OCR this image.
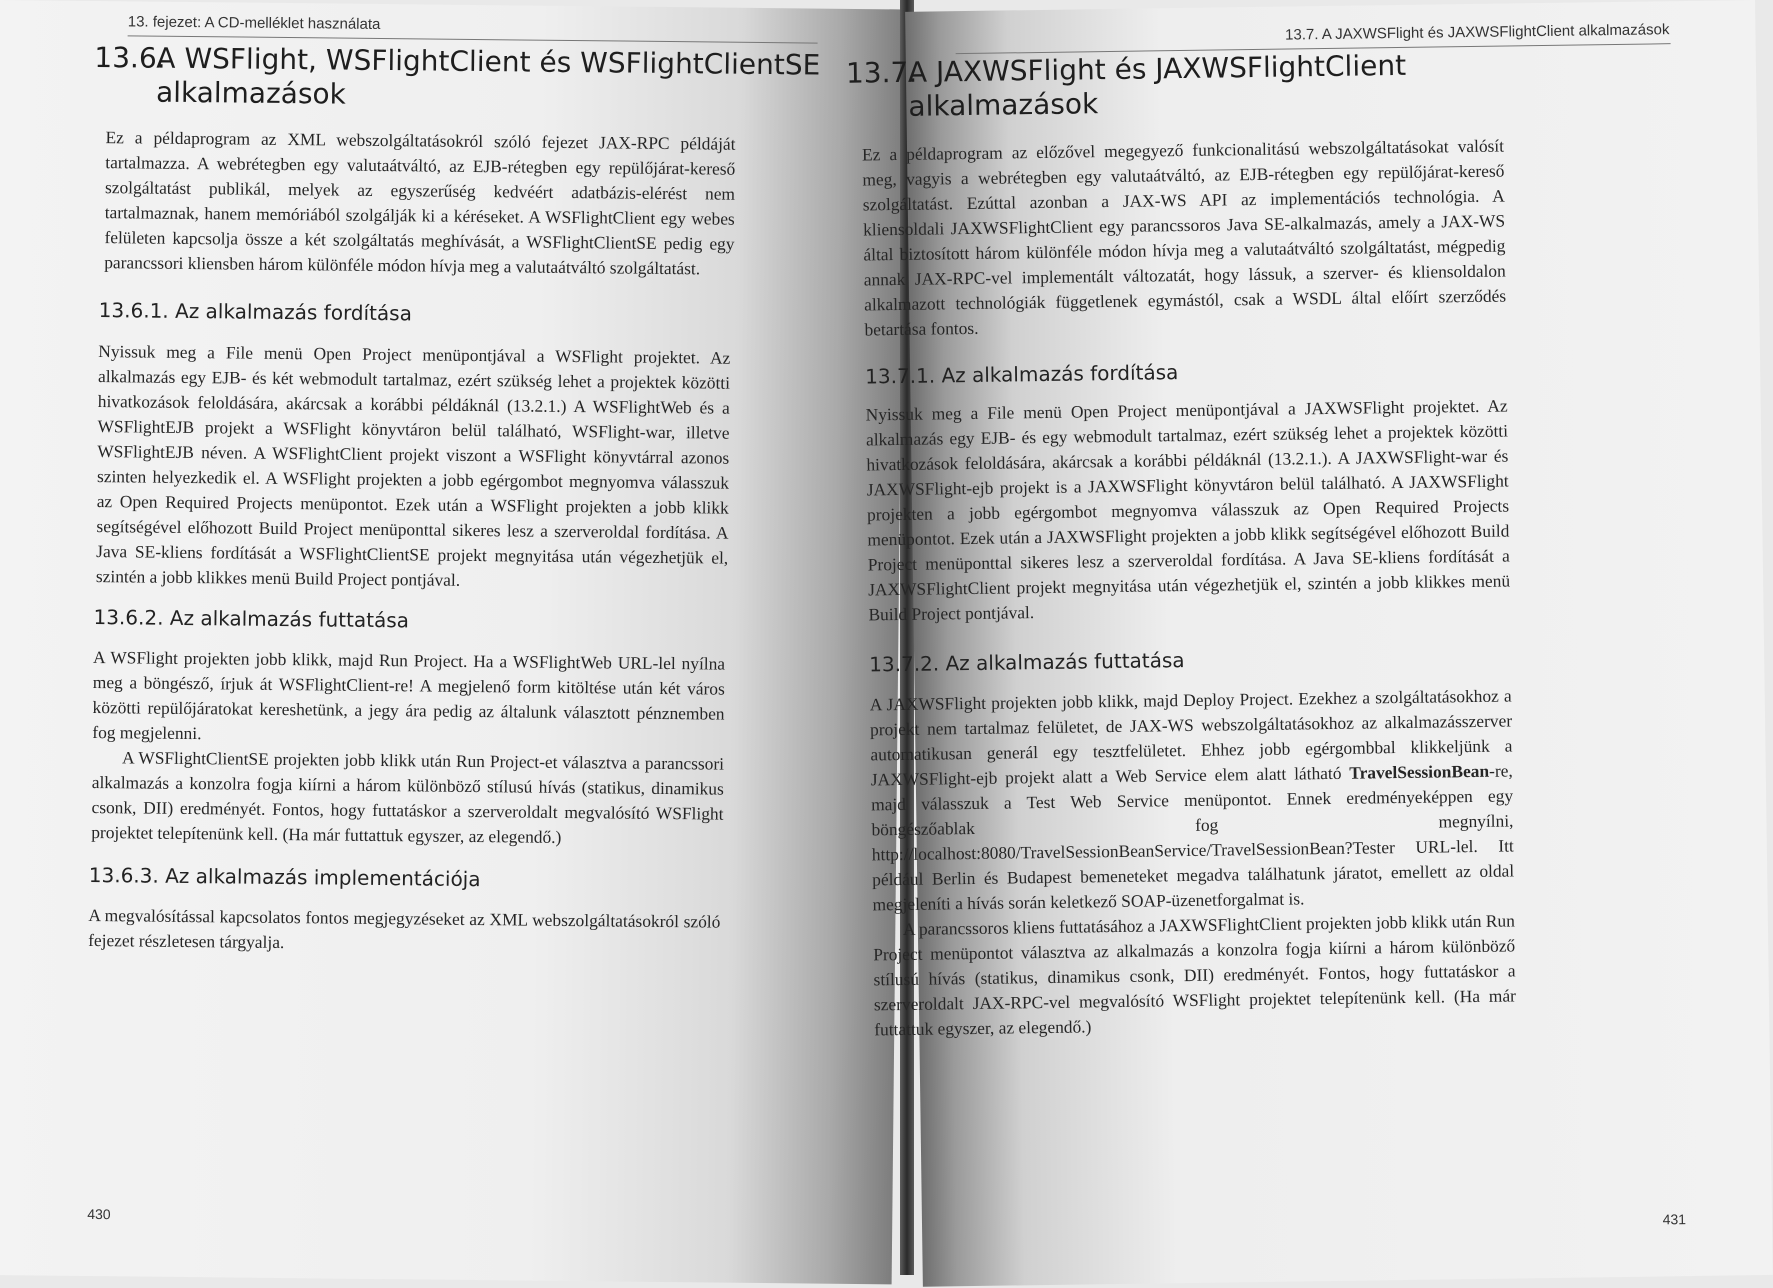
13. fejezet: A CD-melléklet használata
13.6.A WSFlight, WSFlightClient és WSFlightClientSE
alkalmazások

Ez a példaprogram az XML webszolgáltatásokról szóló fejezet JAX-RPC példáját tartalmazza. A webrétegben egy valutaátváltó, az EJB-rétegben egy repülőjárat-kereső szolgáltatást publikál, melyek az egyszerűség kedvéért adatbázis-elérést nem tartalmaznak, hanem memóriából szolgálják ki a kéréseket. A WSFlightClient egy webes felületen kapcsolja össze a két szolgáltatás meghívását, a WSFlightClientSE pedig egy parancssori kliensben három különféle módon hívja meg a valutaátváltó szolgáltatást.

13.6.1. Az alkalmazás fordítása

Nyissuk meg a File menü Open Project menüpontjával a WSFlight projektet. Az alkalmazás egy EJB- és két webmodult tartalmaz, ezért szükség lehet a projektek közötti hivatkozások feloldására, akárcsak a korábbi példáknál (13.2.1.) A WSFlightWeb és a WSFlightEJB projekt a WSFlight könyvtáron belül található, WSFlight-war, illetve WSFlightEJB néven. A WSFlightClient projekt viszont a WSFlight könyvtárral azonos szinten helyezkedik el. A WSFlight projekten a jobb egérgombot megnyomva válasszuk az Open Required Projects menüpontot. Ezek után a WSFlight projekten a jobb klikk segítségével előhozott Build Project menüponttal sikeres lesz a szerveroldal fordítása. A Java SE-kliens fordítását a WSFlightClientSE projekt megnyitása után végezhetjük el, szintén a jobb klikkes menü Build Project pontjával.

13.6.2. Az alkalmazás futtatása

A WSFlight projekten jobb klikk, majd Run Project. Ha a WSFlightWeb URL-lel nyílna meg a böngésző, írjuk át WSFlightClient-re! A megjelenő form kitöltése után két város közötti repülőjáratokat kereshetünk, a jegy ára pedig az általunk választott pénznemben fog megjelenni.

A WSFlightClientSE projekten jobb klikk után Run Project-et választva a parancssori alkalmazás a konzolra fogja kiírni a három különböző stílusú hívás (statikus, dinamikus csonk, DII) eredményét. Fontos, hogy futtatáskor a szerveroldalt megvalósító WSFlight projektet telepítenünk kell. (Ha már futtattuk egyszer, az elegendő.)

13.6.3. Az alkalmazás implementációja

A megvalósítással kapcsolatos fontos megjegyzéseket az XML webszolgáltatásokról szóló fejezet részletesen tárgyalja.

430
13.7. A JAXWSFlight és JAXWSFlightClient alkalmazások
13.7.A JAXWSFlight és JAXWSFlightClient
alkalmazások

Ez a példaprogram az előzővel megegyező funkcionalitású webszolgáltatásokat valósít meg, vagyis a webrétegben egy valutaátváltó, az EJB-rétegben egy repülőjárat-kereső szolgáltatást. Ezúttal azonban a JAX-WS API az implementációs technológia. A kliensoldali JAXWSFlightClient egy parancssoros Java SE-alkalmazás, amely a JAX-WS által biztosított három különféle módon hívja meg a valutaátváltó szolgáltatást, mégpedig annak JAX-RPC-vel implementált változatát, hogy lássuk, a szerver- és kliensoldalon alkalmazott technológiák függetlenek egymástól, csak a WSDL által előírt szerződés betartása fontos.

13.7.1. Az alkalmazás fordítása

Nyissuk meg a File menü Open Project menüpontjával a JAXWSFlight projektet. Az alkalmazás egy EJB- és egy webmodult tartalmaz, ezért szükség lehet a projektek közötti hivatkozások feloldására, akárcsak a korábbi példáknál (13.2.1.). A JAXWSFlight-war és JAXWSFlight-ejb projekt is a JAXWSFlight könyvtáron belül található. A JAXWSFlight projekten a jobb egérgombot megnyomva válasszuk az Open Required Projects menüpontot. Ezek után a JAXWSFlight projekten a jobb klikk segítségével előhozott Build Project menüponttal sikeres lesz a szerveroldal fordítása. A Java SE-kliens fordítását a JAXWSFlightClient projekt megnyitása után végezhetjük el, szintén a jobb klikkes menü Build Project pontjával.

13.7.2. Az alkalmazás futtatása

A JAXWSFlight projekten jobb klikk, majd Deploy Project. Ezekhez a szolgáltatásokhoz a projekt nem tartalmaz felületet, de JAX-WS webszolgáltatásokhoz az alkalmazásszerver automatikusan generál egy tesztfelületet. Ehhez jobb egérgombbal klikkeljünk a JAXWSFlight-ejb projekt alatt a Web Service elem alatt látható TravelSessionBean-re, majd válasszuk a Test Web Service menüpontot. Ennek eredményeképpen egy böngészőablak fog megnyílni, http://localhost:8080/TravelSessionBeanService/TravelSessionBean?Tester URL-lel. Itt például Berlin és Budapest bemeneteket megadva találhatunk járatot, emellett az oldal megjeleníti a hívás során keletkező SOAP-üzenetforgalmat is.

A parancssoros kliens futtatásához a JAXWSFlightClient projekten jobb klikk után Run Project menüpontot választva az alkalmazás a konzolra fogja kiírni a három különböző stílusú hívás (statikus, dinamikus csonk, DII) eredményét. Fontos, hogy futtatáskor a szerveroldalt JAX-RPC-vel megvalósító WSFlight projektet telepítenünk kell. (Ha már futtattuk egyszer, az elegendő.)

431
